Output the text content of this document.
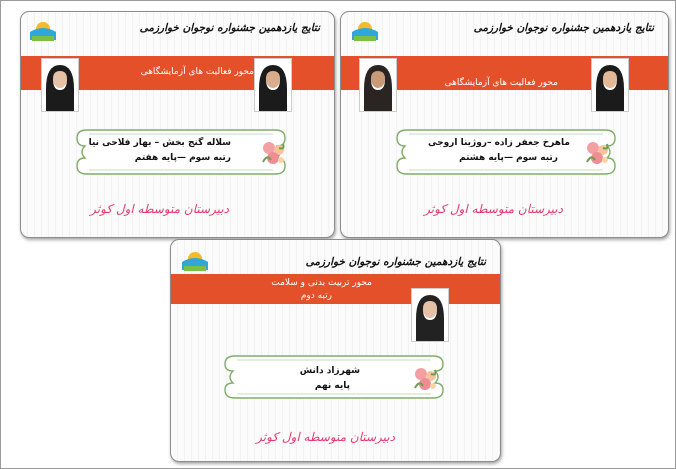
نتایج یازدهمین جشنواره نوجوان خوارزمی
محور فعالیت های آزمایشگاهی
سلاله گنج بخش – بهار فلاحی نیا
رتبه سوم —پایه هفتم
دبیرستان متوسطه اول کوثر
نتایج یازدهمین جشنواره نوجوان خوارزمی
محور فعالیت های آزمایشگاهی
ماهرخ جعفر زاده –روژینا اروجی
رتبه سوم —پایه هشتم
دبیرستان متوسطه اول کوثر
نتایج یازدهمین جشنواره نوجوان خوارزمی
محور تربیت بدنی و سلامت
رتبه دوم
شهرزاد دانش
پایه نهم
دبیرستان متوسطه اول کوثر
